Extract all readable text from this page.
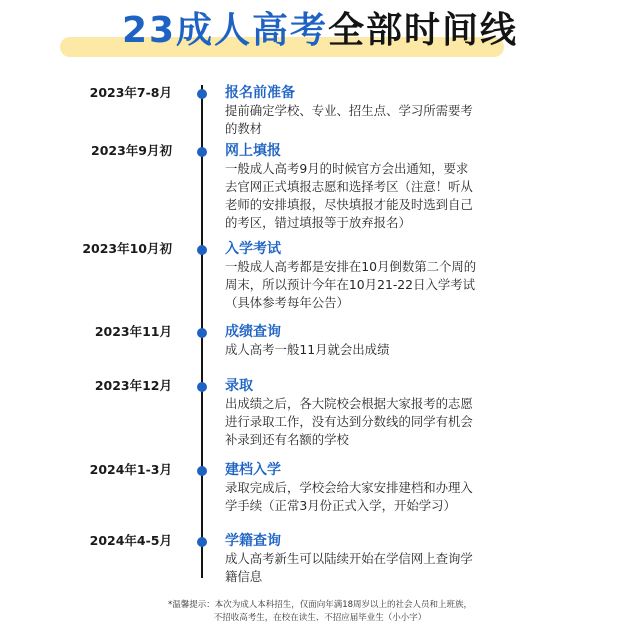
23成人高考全部时间线
2023年7-8月	报名前准备
提前确定学校、专业、招生点、学习所需要考
的教材
2023年9月初	网上填报
一般成人高考9月的时候官方会出通知，要求
去官网正式填报志愿和选择考区（注意！听从
老师的安排填报，尽快填报才能及时选到自己
的考区，错过填报等于放弃报名）
2023年10月初	入学考试
一般成人高考都是安排在10月倒数第二个周的
周末，所以预计今年在10月21-22日入学考试
（具体参考每年公告）
2023年11月	成绩查询
成人高考一般11月就会出成绩
2023年12月	录取
出成绩之后，各大院校会根据大家报考的志愿
进行录取工作，没有达到分数线的同学有机会
补录到还有名额的学校
2024年1-3月	建档入学
录取完成后，学校会给大家安排建档和办理入
学手续（正常3月份正式入学，开始学习）
2024年4-5月	学籍查询
成人高考新生可以陆续开始在学信网上查询学
籍信息
*温馨提示：本次为成人本科招生，仅面向年满18周岁以上的社会人员和上班族，
不招收高考生，在校在读生、不招应届毕业生（小小字）
